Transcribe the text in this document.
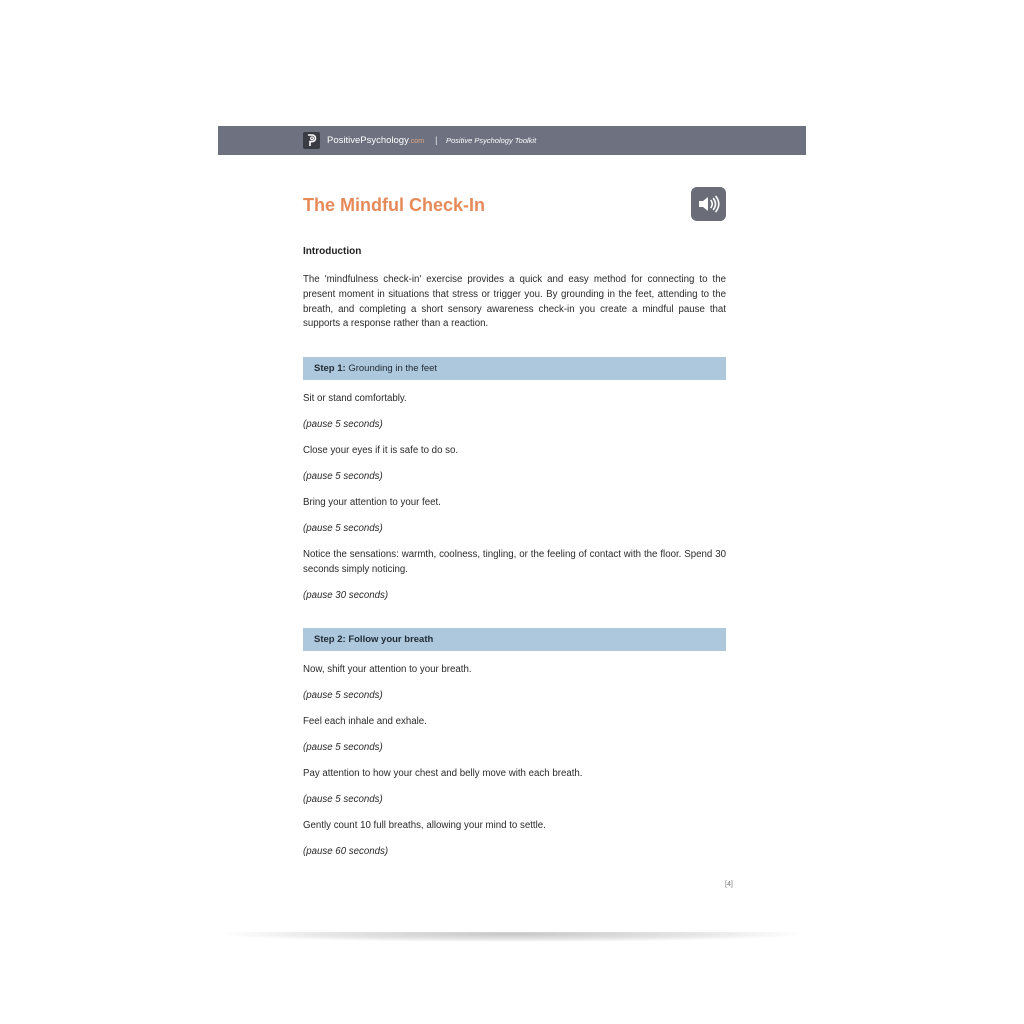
PositivePsychology.com | Positive Psychology Toolkit
The Mindful Check-In
Introduction

The 'mindfulness check-in' exercise provides a quick and easy method for connecting to the present moment in situations that stress or trigger you. By grounding in the feet, attending to the breath, and completing a short sensory awareness check-in you create a mindful pause that supports a response rather than a reaction.

Step 1: Grounding in the feet

Sit or stand comfortably.

(pause 5 seconds)

Close your eyes if it is safe to do so.

(pause 5 seconds)

Bring your attention to your feet.

(pause 5 seconds)

Notice the sensations: warmth, coolness, tingling, or the feeling of contact with the floor. Spend 30 seconds simply noticing.

(pause 30 seconds)

Step 2: Follow your breath

Now, shift your attention to your breath.

(pause 5 seconds)

Feel each inhale and exhale.

(pause 5 seconds)

Pay attention to how your chest and belly move with each breath.

(pause 5 seconds)

Gently count 10 full breaths, allowing your mind to settle.

(pause 60 seconds)

[4]
